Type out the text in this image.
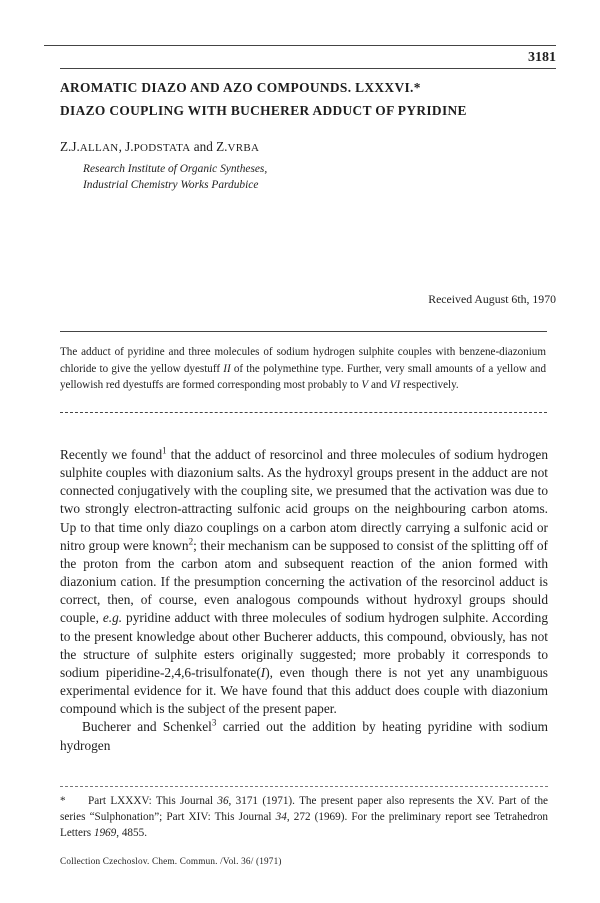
3181
AROMATIC DIAZO AND AZO COMPOUNDS. LXXXVI.*
DIAZO COUPLING WITH BUCHERER ADDUCT OF PYRIDINE
Z.J.ALLAN, J.PODSTATA and Z.VRBA
Research Institute of Organic Syntheses,
Industrial Chemistry Works Pardubice
Received August 6th, 1970
The adduct of pyridine and three molecules of sodium hydrogen sulphite couples with benzene-diazonium chloride to give the yellow dyestuff II of the polymethine type. Further, very small amounts of a yellow and yellowish red dyestuffs are formed corresponding most probably to V and VI respectively.

Recently we found$^1$ that the adduct of resorcinol and three molecules of sodium hydrogen sulphite couples with diazonium salts. As the hydroxyl groups present in the adduct are not connected conjugatively with the coupling site, we presumed that the activation was due to two strongly electron-attracting sulfonic acid groups on the neighbouring carbon atoms. Up to that time only diazo couplings on a carbon atom directly carrying a sulfonic acid or nitro group were known$^2$; their mechanism can be supposed to consist of the splitting off of the proton from the carbon atom and subsequent reaction of the anion formed with diazonium cation. If the presumption concerning the activation of the resorcinol adduct is correct, then, of course, even analogous compounds without hydroxyl groups should couple, e.g. pyridine adduct with three molecules of sodium hydrogen sulphite. According to the present knowledge about other Bucherer adducts, this compound, obviously, has not the structure of sulphite esters originally suggested; more probably it corresponds to sodium piperidine-2,4,6-trisulfonate(I), even though there is not yet any unambiguous experimental evidence for it. We have found that this adduct does couple with diazonium compound which is the subject of the present paper.

Bucherer and Schenkel$^3$ carried out the addition by heating pyridine with sodium hydrogen

* Part LXXXV: This Journal 36, 3171 (1971). The present paper also represents the XV. Part of the series “Sulphonation”; Part XIV: This Journal 34, 272 (1969). For the preliminary report see Tetrahedron Letters 1969, 4855.
Collection Czechoslov. Chem. Commun. /Vol. 36/ (1971)
